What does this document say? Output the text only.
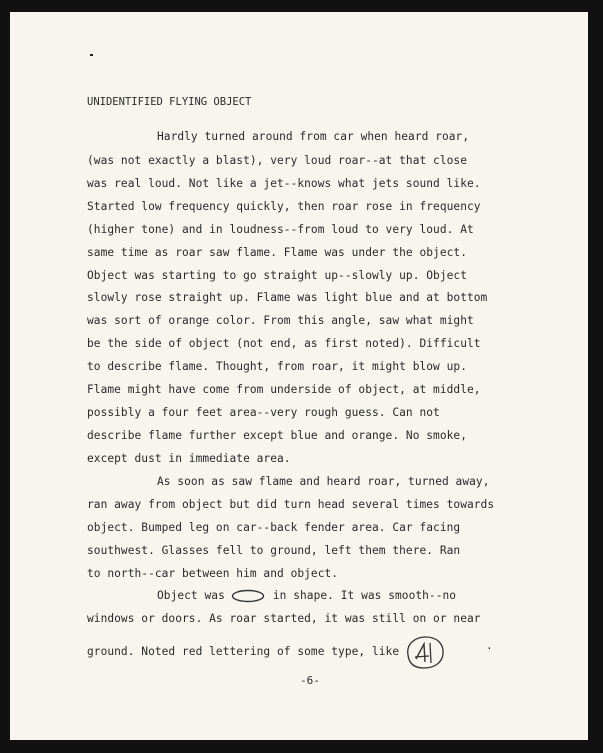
UNIDENTIFIED FLYING OBJECT
Hardly turned around from car when heard roar,
(was not exactly a blast), very loud roar--at that close
was real loud. Not like a jet--knows what jets sound like.
Started low frequency quickly, then roar rose in frequency
(higher tone) and in loudness--from loud to very loud. At
same time as roar saw flame. Flame was under the object.
Object was starting to go straight up--slowly up. Object
slowly rose straight up. Flame was light blue and at bottom
was sort of orange color. From this angle, saw what might
be the side of object (not end, as first noted). Difficult
to describe flame. Thought, from roar, it might blow up.
Flame might have come from underside of object, at middle,
possibly a four feet area--very rough guess. Can not
describe flame further except blue and orange. No smoke,
except dust in immediate area.
As soon as saw flame and heard roar, turned away,
ran away from object but did turn head several times towards
object. Bumped leg on car--back fender area. Car facing
southwest. Glasses fell to ground, left them there. Ran
to north--car between him and object.
Object was	in shape. It was smooth--no
windows or doors. As roar started, it was still on or near
ground. Noted red lettering of some type, like	.
-6-
